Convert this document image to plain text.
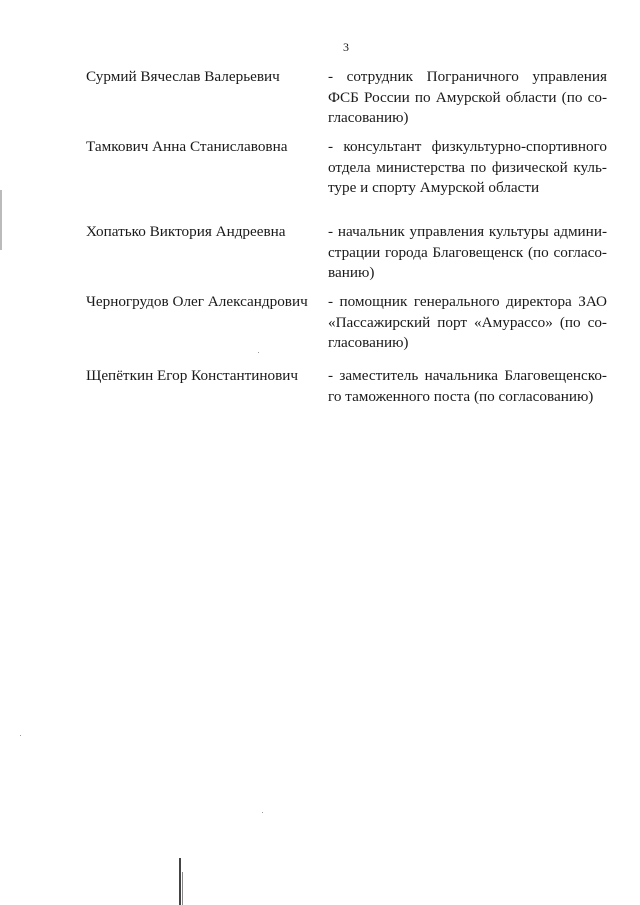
3
Сурмий Вячеслав Валерьевич	- сотрудник Пограничного управления
ФСБ России по Амурской области (по со-
гласованию)
Тамкович Анна Станиславовна	- консультант физкультурно-спортивного
отдела министерства по физической куль-
туре и спорту Амурской области
Хопатько Виктория Андреевна	- начальник управления культуры админи-
страции города Благовещенск (по согласо-
ванию)
Черногрудов Олег Александрович	- помощник генерального директора ЗАО
«Пассажирский порт «Амурассо» (по со-
гласованию)
Щепёткин Егор Константинович	- заместитель начальника Благовещенско-
го таможенного поста (по согласованию)
